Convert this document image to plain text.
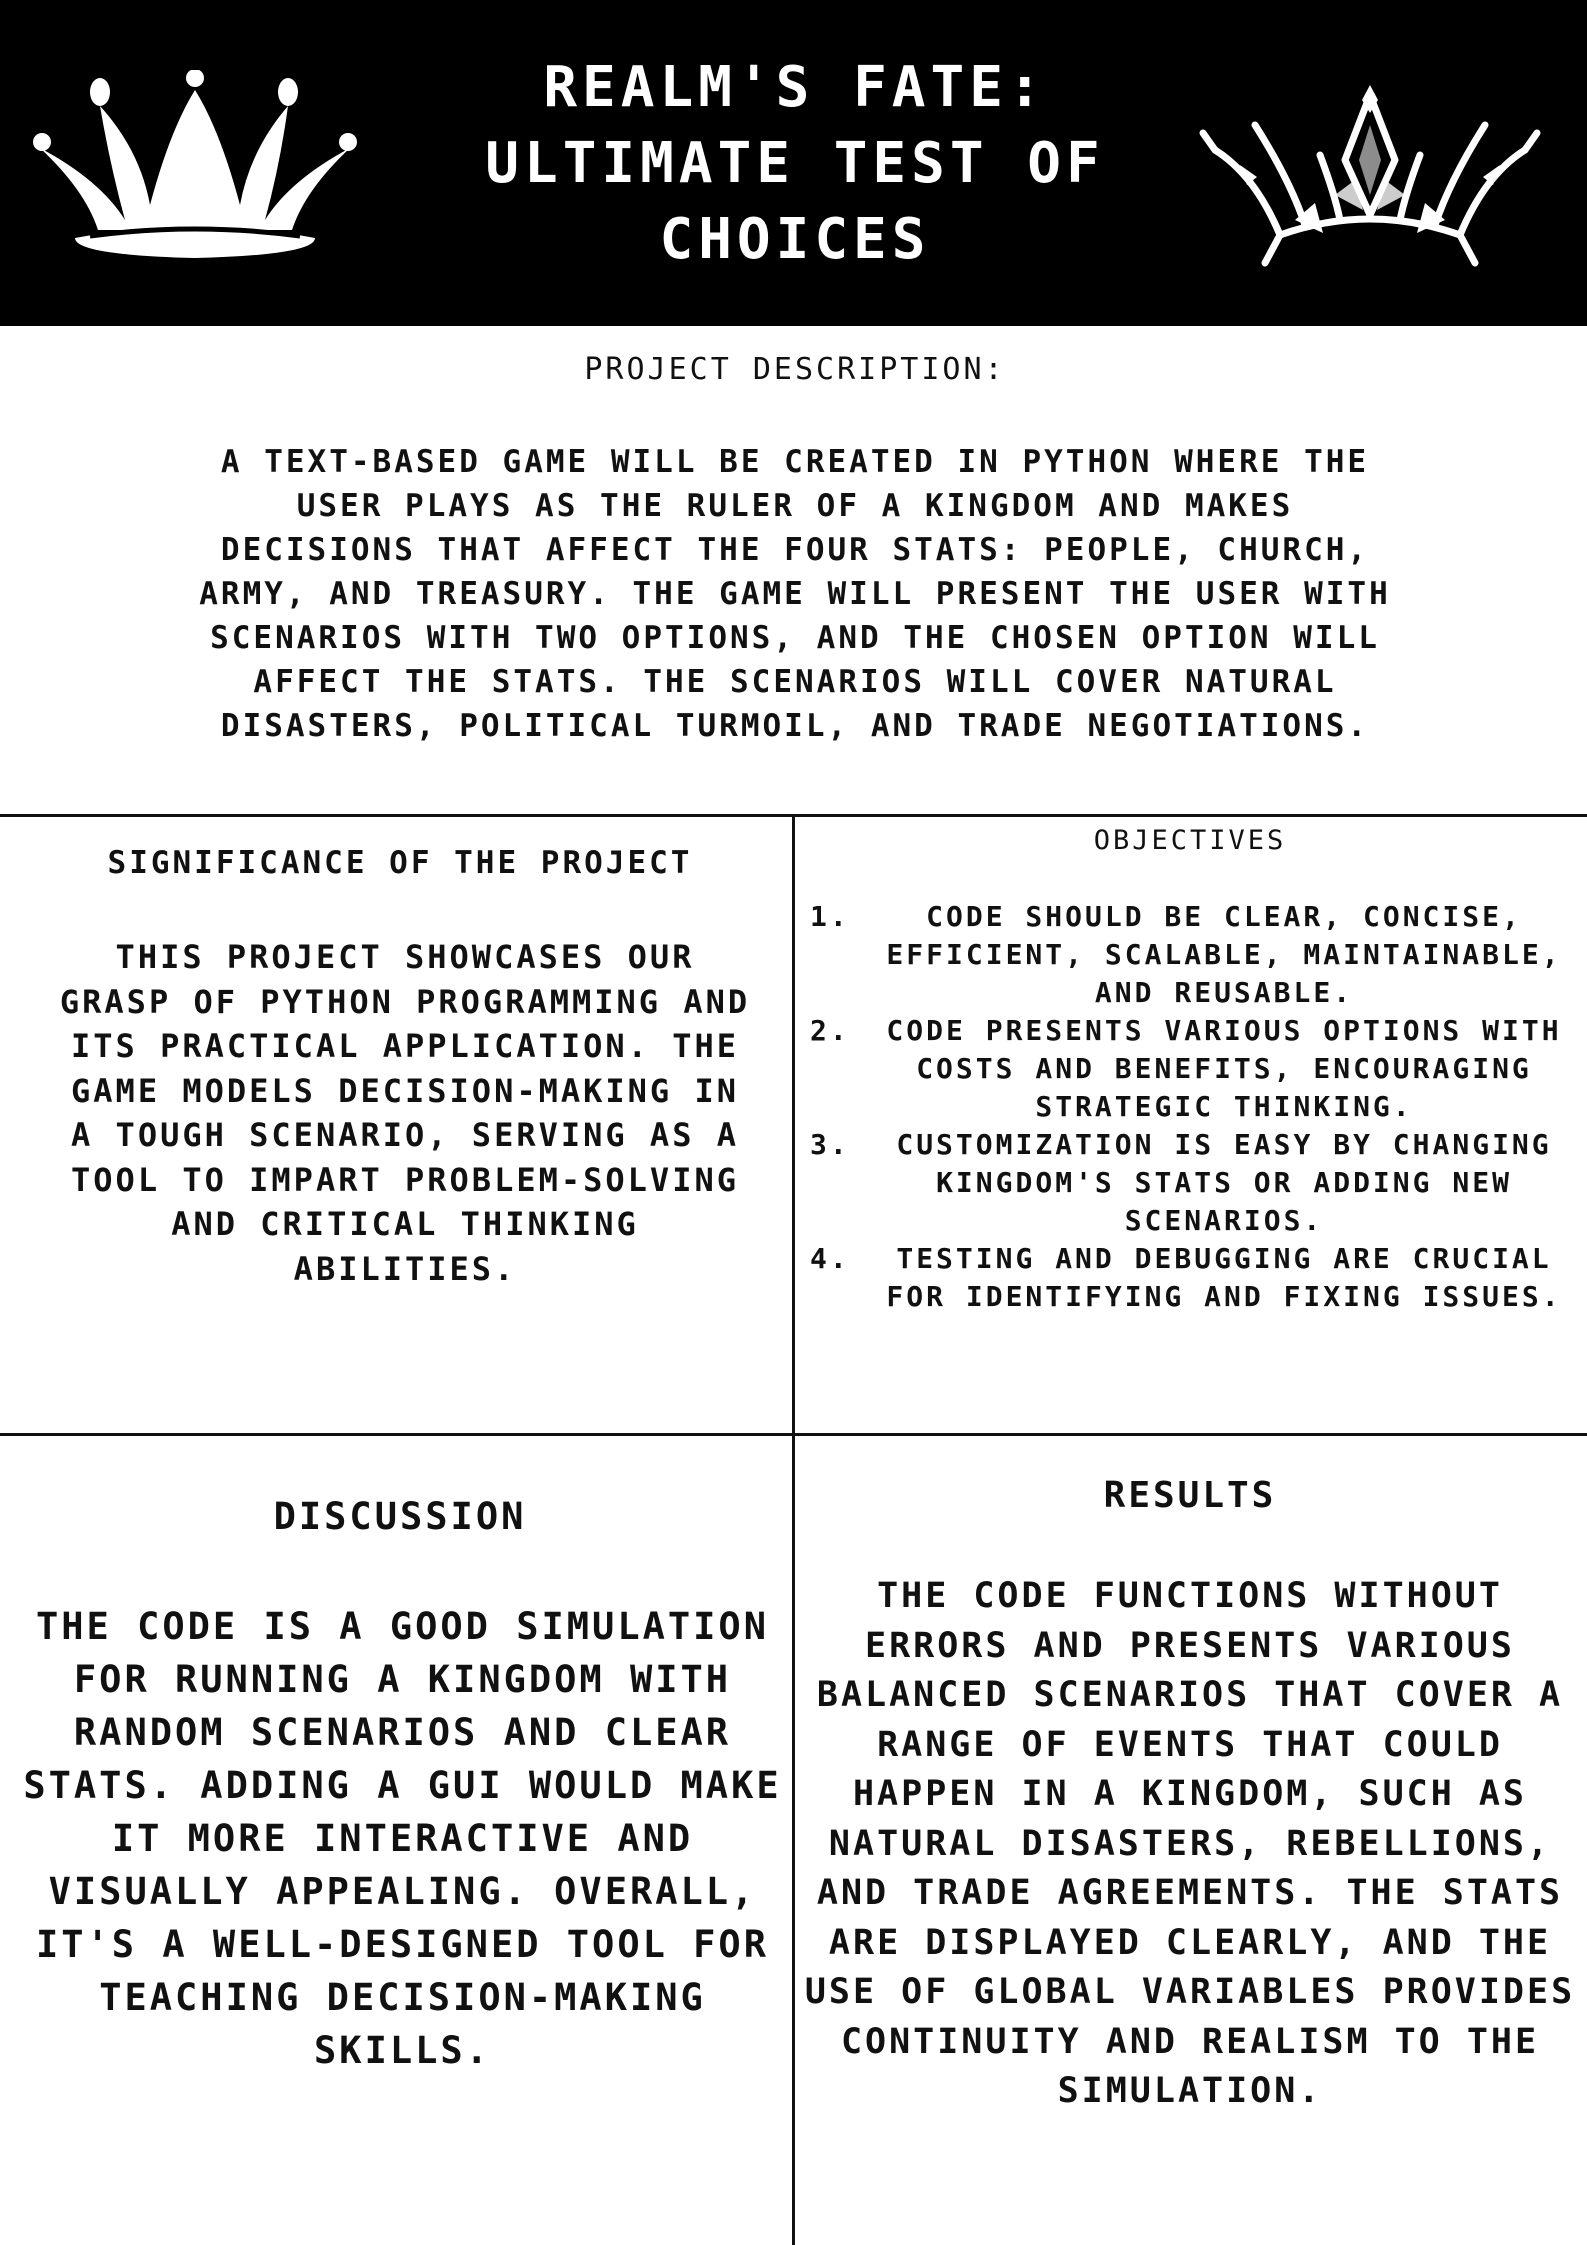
REALM'S FATE:
ULTIMATE TEST OF
CHOICES
PROJECT DESCRIPTION:
A TEXT-BASED GAME WILL BE CREATED IN PYTHON WHERE THE USER PLAYS AS THE RULER OF A KINGDOM AND MAKES DECISIONS THAT AFFECT THE FOUR STATS: PEOPLE, CHURCH, ARMY, AND TREASURY. THE GAME WILL PRESENT THE USER WITH SCENARIOS WITH TWO OPTIONS, AND THE CHOSEN OPTION WILL AFFECT THE STATS. THE SCENARIOS WILL COVER NATURAL DISASTERS, POLITICAL TURMOIL, AND TRADE NEGOTIATIONS.
SIGNIFICANCE OF THE PROJECT
THIS PROJECT SHOWCASES OUR GRASP OF PYTHON PROGRAMMING AND ITS PRACTICAL APPLICATION. THE GAME MODELS DECISION-MAKING IN A TOUGH SCENARIO, SERVING AS A TOOL TO IMPART PROBLEM-SOLVING AND CRITICAL THINKING ABILITIES.
OBJECTIVES
1.	CODE SHOULD BE CLEAR, CONCISE, EFFICIENT, SCALABLE, MAINTAINABLE, AND REUSABLE.
2. CODE PRESENTS VARIOUS OPTIONS WITH COSTS AND BENEFITS, ENCOURAGING STRATEGIC THINKING.
3. CUSTOMIZATION IS EASY BY CHANGING KINGDOM'S STATS OR ADDING NEW SCENARIOS.
4. TESTING AND DEBUGGING ARE CRUCIAL FOR IDENTIFYING AND FIXING ISSUES.
DISCUSSION
THE CODE IS A GOOD SIMULATION FOR RUNNING A KINGDOM WITH RANDOM SCENARIOS AND CLEAR STATS. ADDING A GUI WOULD MAKE IT MORE INTERACTIVE AND VISUALLY APPEALING. OVERALL, IT'S A WELL-DESIGNED TOOL FOR TEACHING DECISION-MAKING SKILLS.
RESULTS
THE CODE FUNCTIONS WITHOUT ERRORS AND PRESENTS VARIOUS BALANCED SCENARIOS THAT COVER A RANGE OF EVENTS THAT COULD HAPPEN IN A KINGDOM, SUCH AS NATURAL DISASTERS, REBELLIONS, AND TRADE AGREEMENTS. THE STATS ARE DISPLAYED CLEARLY, AND THE USE OF GLOBAL VARIABLES PROVIDES CONTINUITY AND REALISM TO THE SIMULATION.
